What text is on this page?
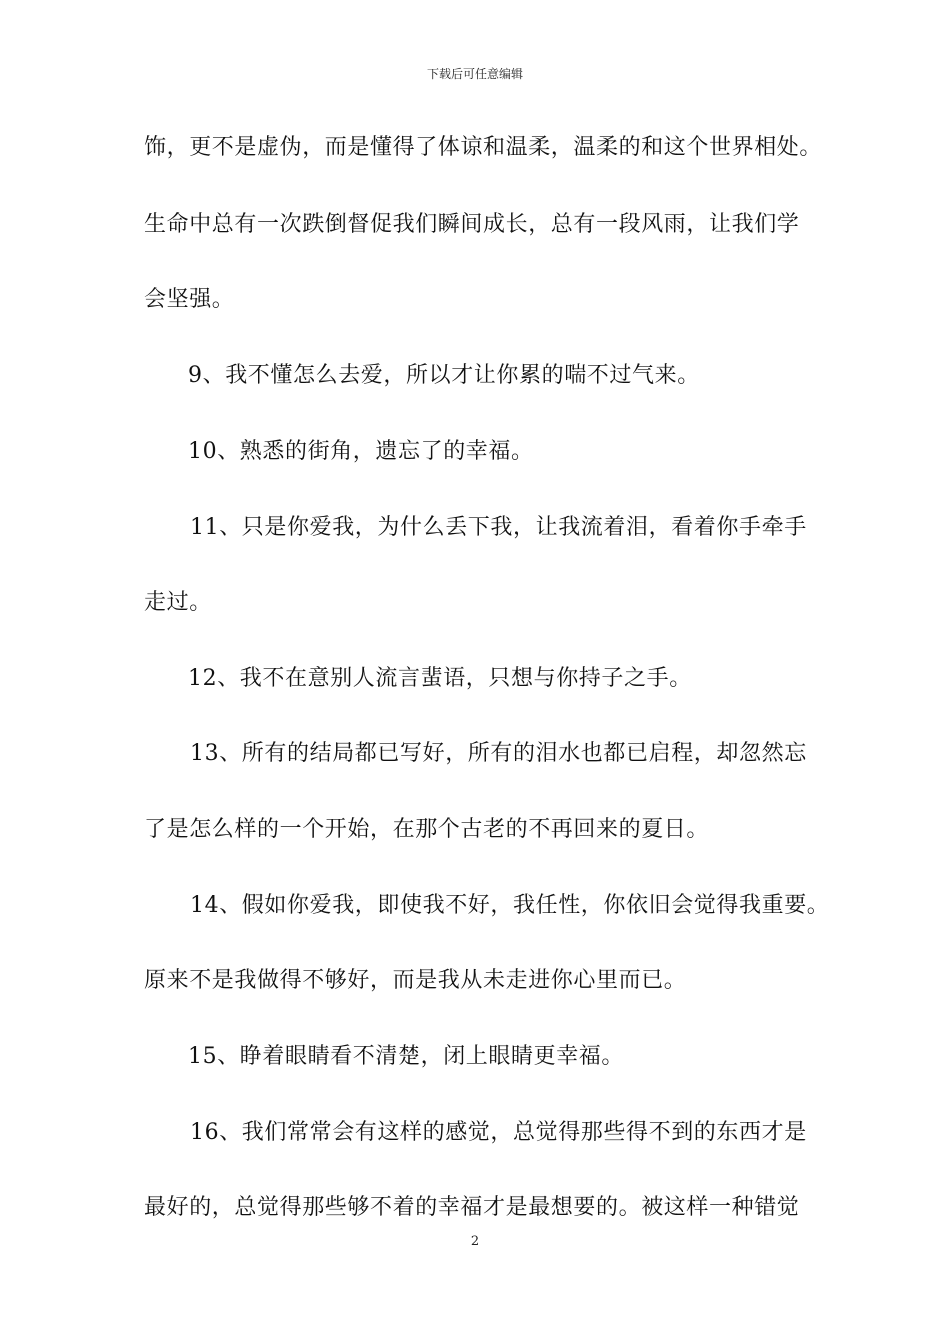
下载后可任意编辑
饰，更不是虚伪，而是懂得了体谅和温柔，温柔的和这个世界相处。
生命中总有一次跌倒督促我们瞬间成长，总有一段风雨，让我们学
会坚强。
9、我不懂怎么去爱，所以才让你累的喘不过气来。
10、熟悉的街角，遗忘了的幸福。
11、只是你爱我，为什么丢下我，让我流着泪，看着你手牵手
走过。
12、我不在意别人流言蜚语，只想与你持子之手。
13、所有的结局都已写好，所有的泪水也都已启程，却忽然忘
了是怎么样的一个开始，在那个古老的不再回来的夏日。
14、假如你爱我，即使我不好，我任性，你依旧会觉得我重要。
原来不是我做得不够好，而是我从未走进你心里而已。
15、睁着眼睛看不清楚，闭上眼睛更幸福。
16、我们常常会有这样的感觉，总觉得那些得不到的东西才是
最好的，总觉得那些够不着的幸福才是最想要的。被这样一种错觉
2
